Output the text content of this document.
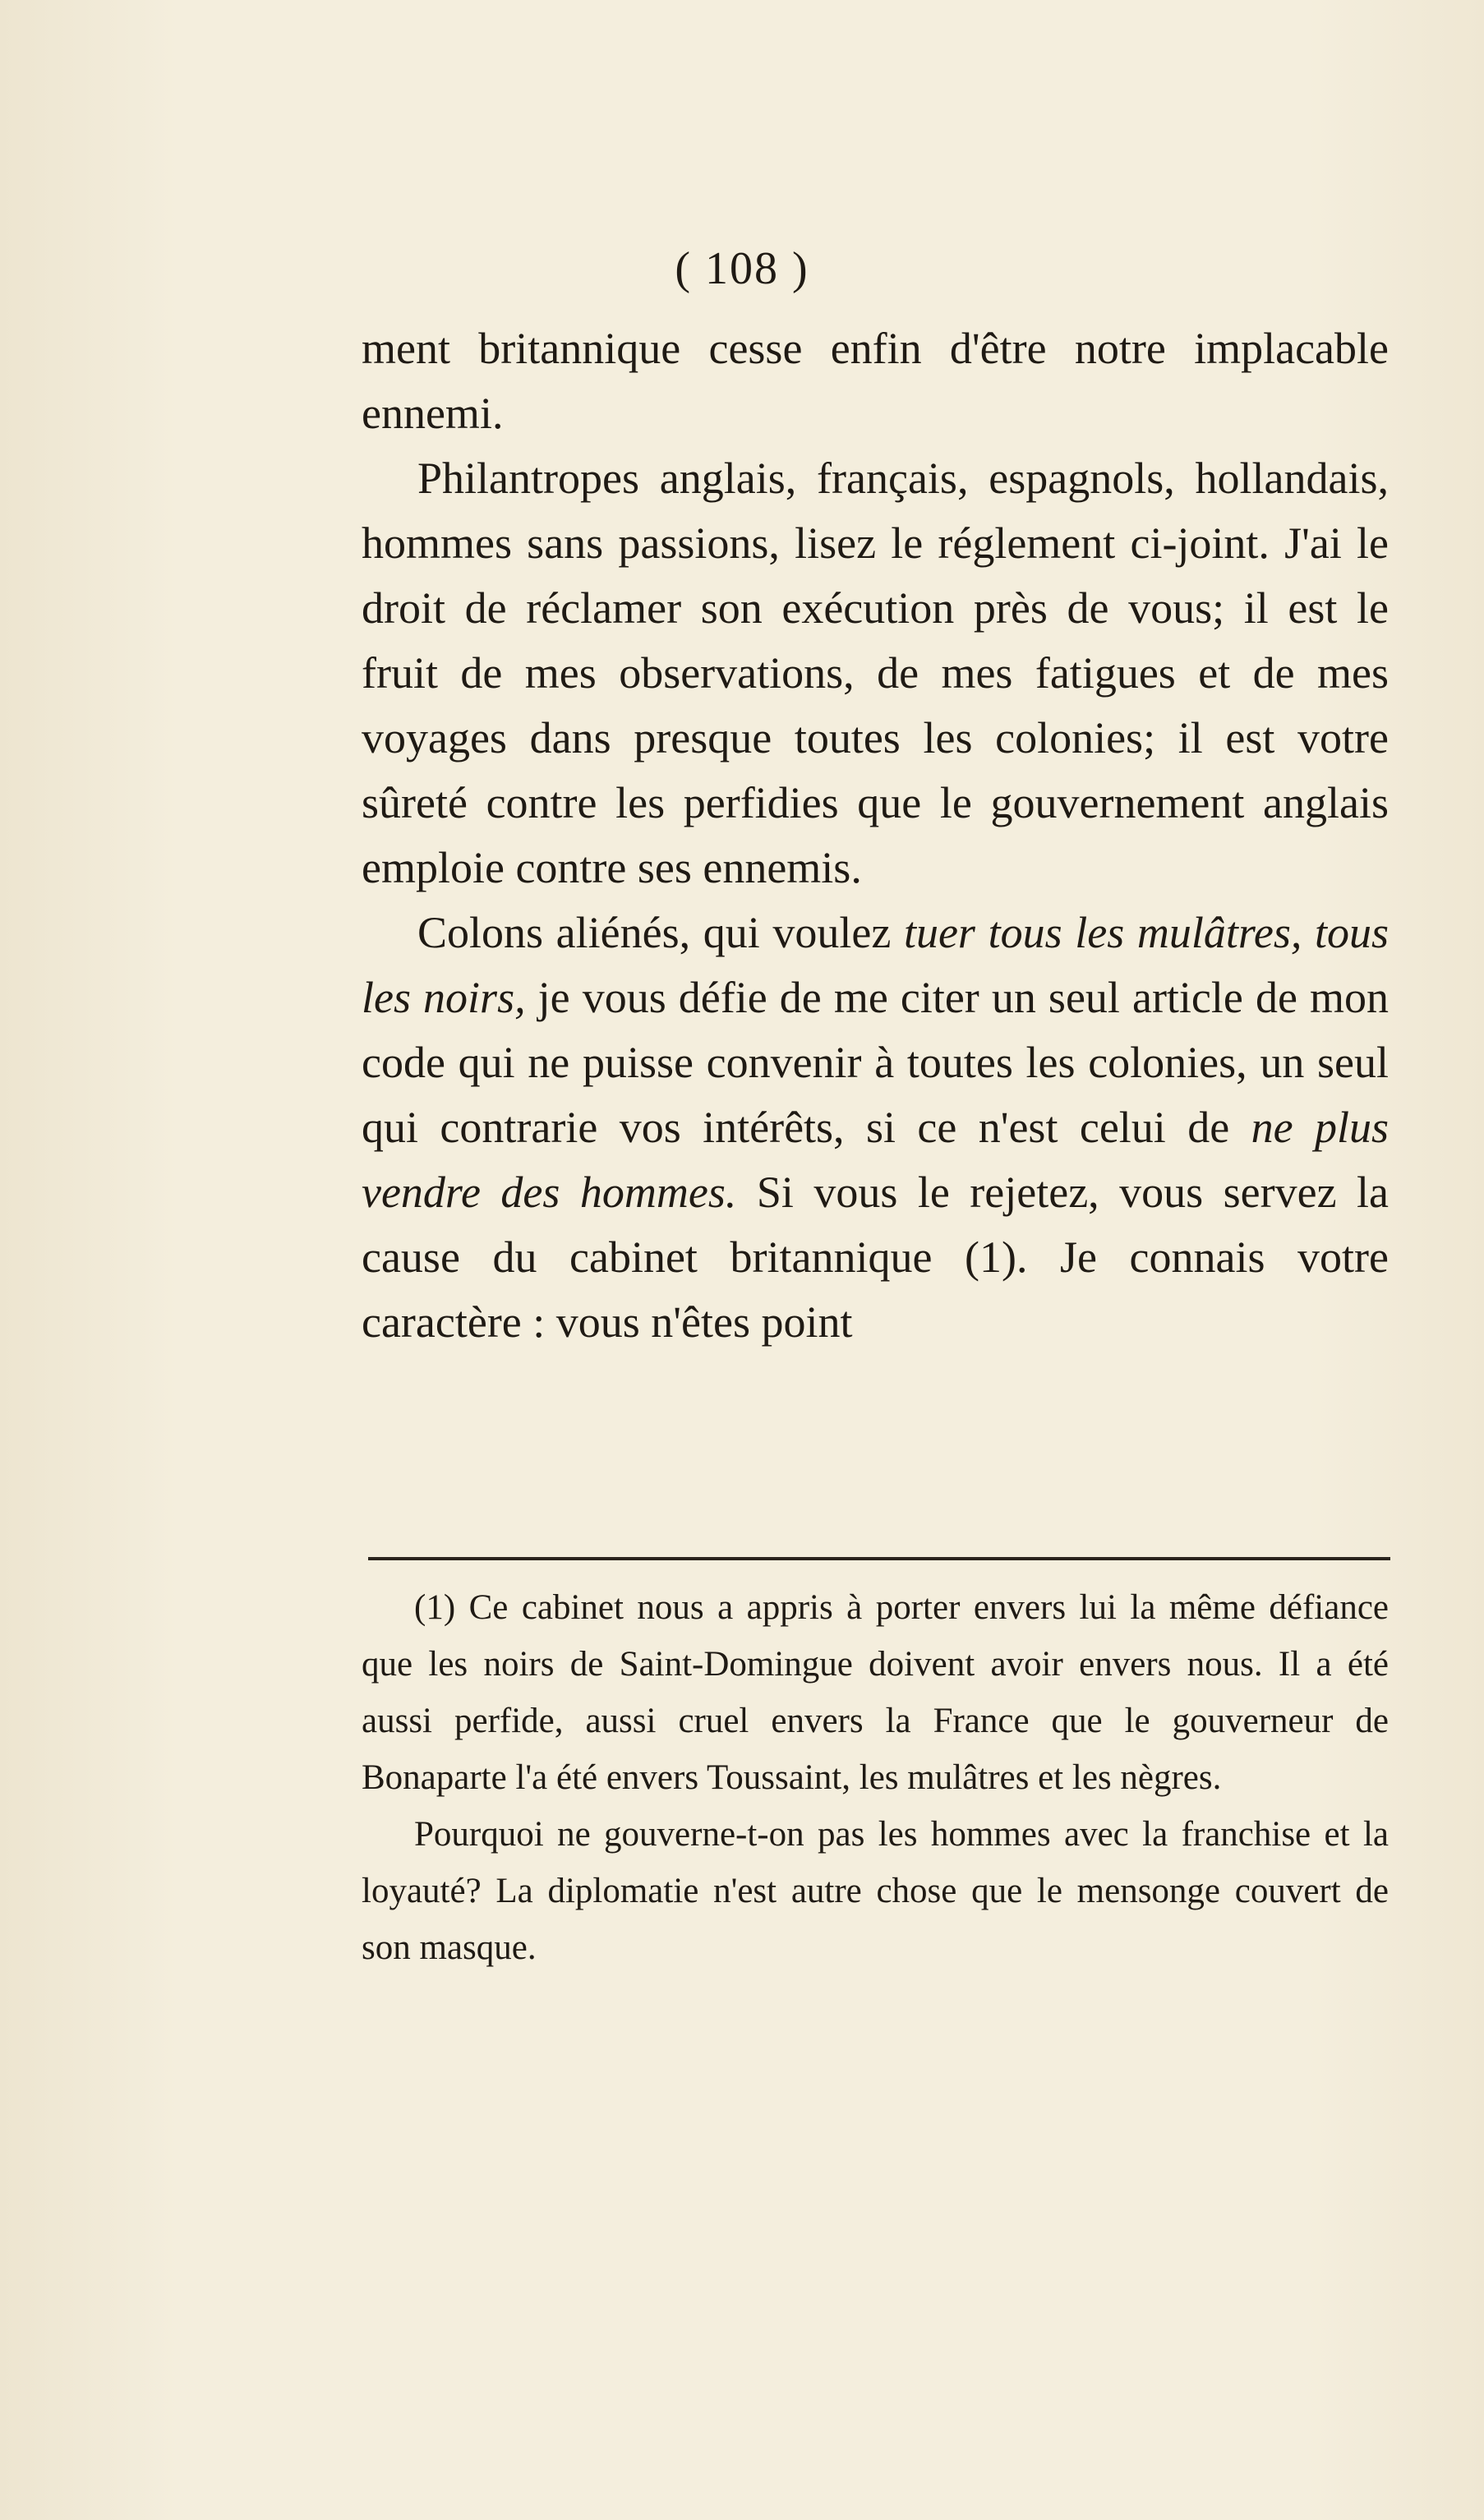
( 108 )

ment britannique cesse enfin d'être notre implacable ennemi.

Philantropes anglais, français, espagnols, hollandais, hommes sans passions, lisez le réglement ci-joint. J'ai le droit de réclamer son exécution près de vous; il est le fruit de mes observations, de mes fatigues et de mes voyages dans presque toutes les colonies; il est votre sûreté contre les perfidies que le gouvernement anglais emploie contre ses ennemis.

Colons aliénés, qui voulez tuer tous les mulâtres, tous les noirs, je vous défie de me citer un seul article de mon code qui ne puisse convenir à toutes les colonies, un seul qui contrarie vos intérêts, si ce n'est celui de ne plus vendre des hommes. Si vous le rejetez, vous servez la cause du cabinet britannique (1). Je connais votre caractère : vous n'êtes point

(1) Ce cabinet nous a appris à porter envers lui la même défiance que les noirs de Saint-Domingue doivent avoir envers nous. Il a été aussi perfide, aussi cruel envers la France que le gouverneur de Bonaparte l'a été envers Toussaint, les mulâtres et les nègres.

Pourquoi ne gouverne-t-on pas les hommes avec la franchise et la loyauté? La diplomatie n'est autre chose que le mensonge couvert de son masque.
